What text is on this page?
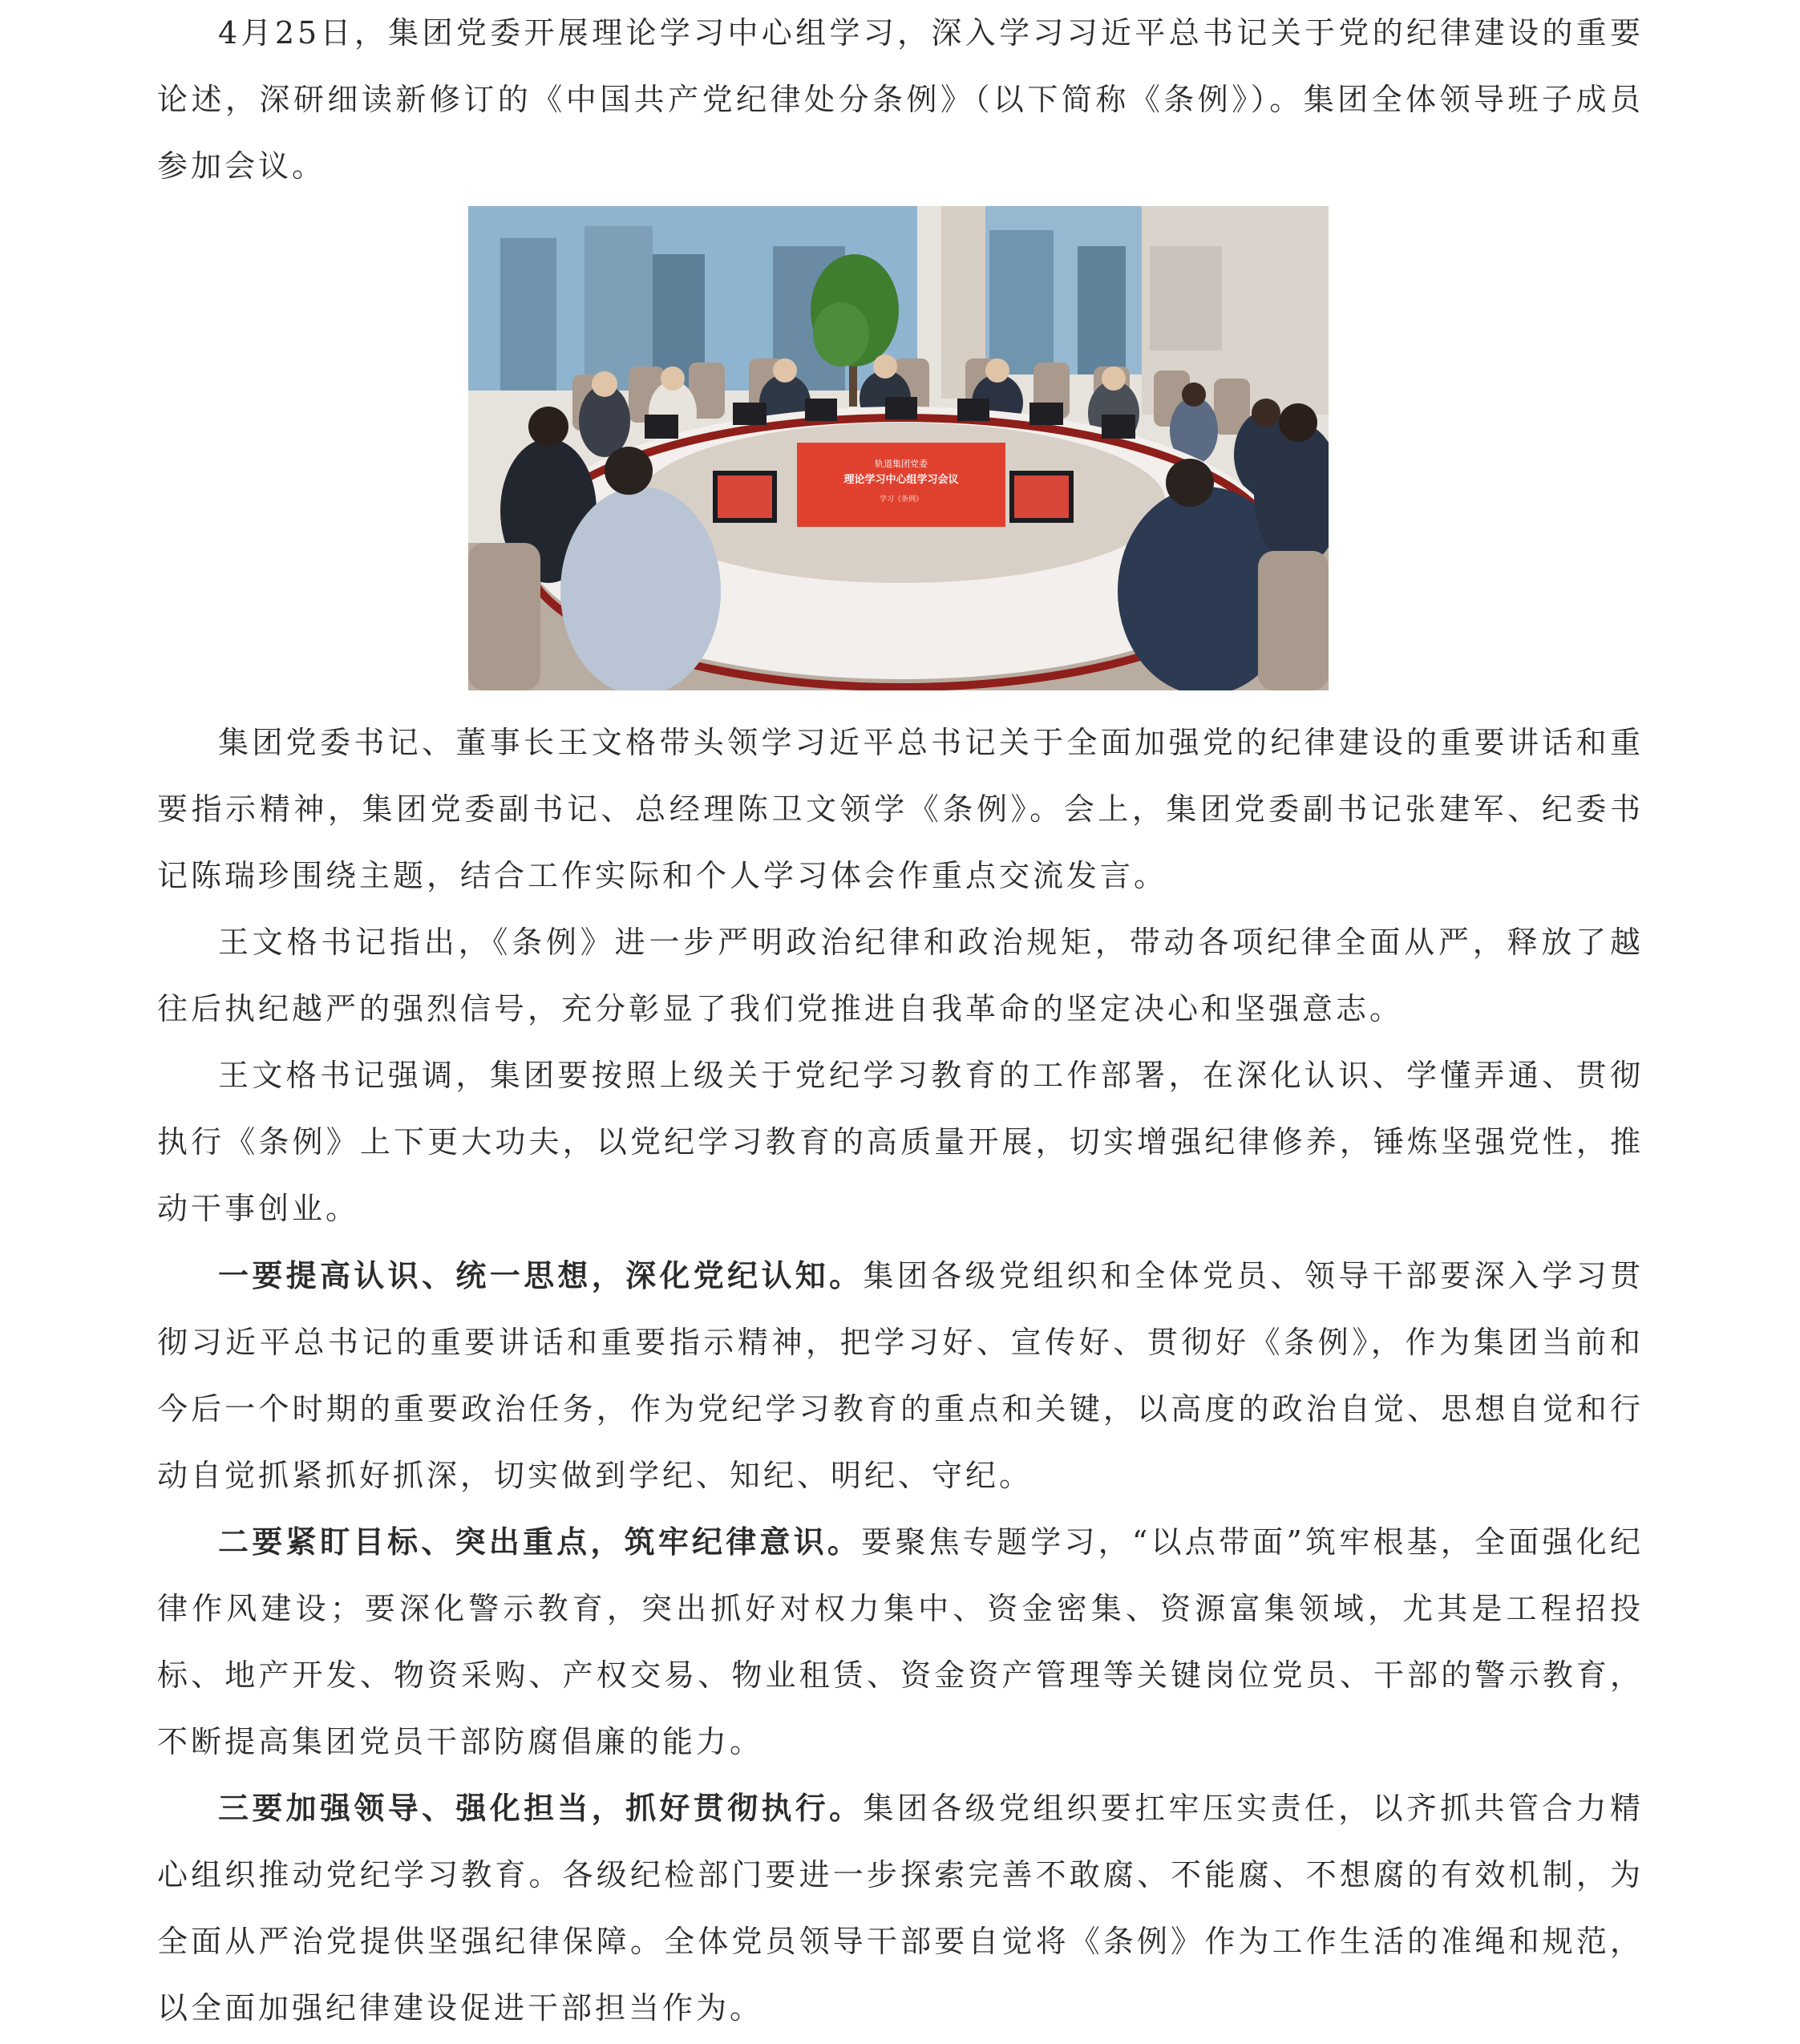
4月25日，集团党委开展理论学习中心组学习，深入学习习近平总书记关于党的纪律建设的重要论述，深研细读新修订的《中国共产党纪律处分条例》（以下简称《条例》）。集团全体领导班子成员参加会议。

轨道集团党委
理论学习中心组学习会议
学习《条例》

集团党委书记、董事长王文格带头领学习近平总书记关于全面加强党的纪律建设的重要讲话和重要指示精神，集团党委副书记、总经理陈卫文领学《条例》。会上，集团党委副书记张建军、纪委书记陈瑞珍围绕主题，结合工作实际和个人学习体会作重点交流发言。

王文格书记指出，《条例》进一步严明政治纪律和政治规矩，带动各项纪律全面从严，释放了越往后执纪越严的强烈信号，充分彰显了我们党推进自我革命的坚定决心和坚强意志。

王文格书记强调，集团要按照上级关于党纪学习教育的工作部署，在深化认识、学懂弄通、贯彻执行《条例》上下更大功夫，以党纪学习教育的高质量开展，切实增强纪律修养，锤炼坚强党性，推动干事创业。

一要提高认识、统一思想，深化党纪认知。集团各级党组织和全体党员、领导干部要深入学习贯彻习近平总书记的重要讲话和重要指示精神，把学习好、宣传好、贯彻好《条例》，作为集团当前和今后一个时期的重要政治任务，作为党纪学习教育的重点和关键，以高度的政治自觉、思想自觉和行动自觉抓紧抓好抓深，切实做到学纪、知纪、明纪、守纪。

二要紧盯目标、突出重点，筑牢纪律意识。要聚焦专题学习，“以点带面”筑牢根基，全面强化纪律作风建设；要深化警示教育，突出抓好对权力集中、资金密集、资源富集领域，尤其是工程招投标、地产开发、物资采购、产权交易、物业租赁、资金资产管理等关键岗位党员、干部的警示教育，不断提高集团党员干部防腐倡廉的能力。

三要加强领导、强化担当，抓好贯彻执行。集团各级党组织要扛牢压实责任，以齐抓共管合力精心组织推动党纪学习教育。各级纪检部门要进一步探索完善不敢腐、不能腐、不想腐的有效机制，为全面从严治党提供坚强纪律保障。全体党员领导干部要自觉将《条例》作为工作生活的准绳和规范，以全面加强纪律建设促进干部担当作为。
